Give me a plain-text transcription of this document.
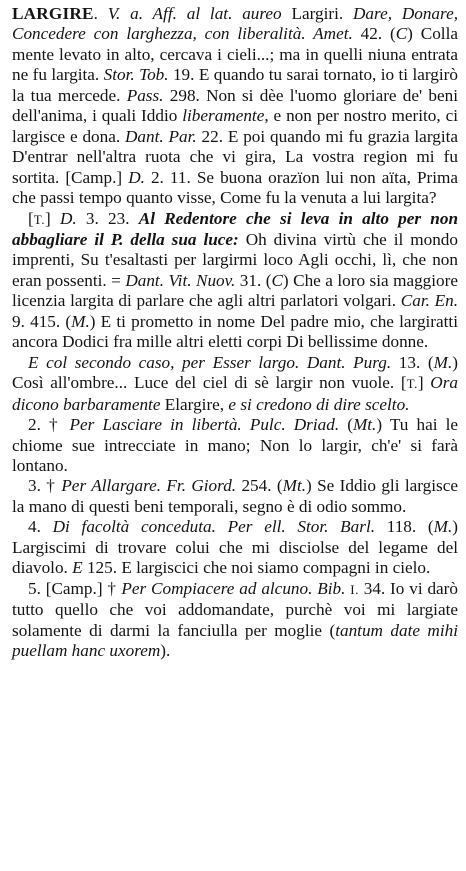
LARGIRE. V. a. Aff. al lat. aureo Largiri. Dare, Donare, Concedere con larghezza, con liberalità. Amet. 42. (C) Colla mente levato in alto, cercava i cieli...; ma in quelli niuna entrata ne fu largita. Stor. Tob. 19. E quando tu sarai tornato, io ti largirò la tua mercede. Pass. 298. Non si dèe l'uomo gloriare de' beni dell'anima, i quali Iddio liberamente, e non per nostro merito, ci largisce e dona. Dant. Par. 22. E poi quando mi fu grazia largita D'entrar nell'altra ruota che vi gira, La vostra region mi fu sortita. [Camp.] D. 2. 11. Se buona orazïon lui non aïta, Prima che passi tempo quanto visse, Come fu la venuta a lui largita?

[T.] D. 3. 23. Al Redentore che si leva in alto per non abbagliare il P. della sua luce: Oh divina virtù che il mondo imprenti, Su t'esaltasti per largirmi loco Agli occhi, lì, che non eran possenti. = Dant. Vit. Nuov. 31. (C) Che a loro sia maggiore licenzia largita di parlare che agli altri parlatori volgari. Car. En. 9. 415. (M.) E ti prometto in nome Del padre mio, che largiratti ancora Dodici fra mille altri eletti corpi Di bellissime donne.

E col secondo caso, per Esser largo. Dant. Purg. 13. (M.) Così all'ombre... Luce del ciel di sè largir non vuole. [T.] Ora dicono barbaramente Elargire, e si credono di dire scelto.

2. † Per Lasciare in libertà. Pulc. Driad. (Mt.) Tu hai le chiome sue intrecciate in mano; Non lo largir, ch'e' si farà lontano.

3. † Per Allargare. Fr. Giord. 254. (Mt.) Se Iddio gli largisce la mano di questi beni temporali, segno è di odio sommo.

4. Di facoltà conceduta. Per ell. Stor. Barl. 118. (M.) Largiscimi di trovare colui che mi disciolse del legame del diavolo. E 125. E largiscici che noi siamo compagni in cielo.

5. [Camp.] † Per Compiacere ad alcuno. Bib. I. 34. Io vi darò tutto quello che voi addomandate, purchè voi mi largiate solamente di darmi la fanciulla per moglie (tantum date mihi puellam hanc uxorem).
